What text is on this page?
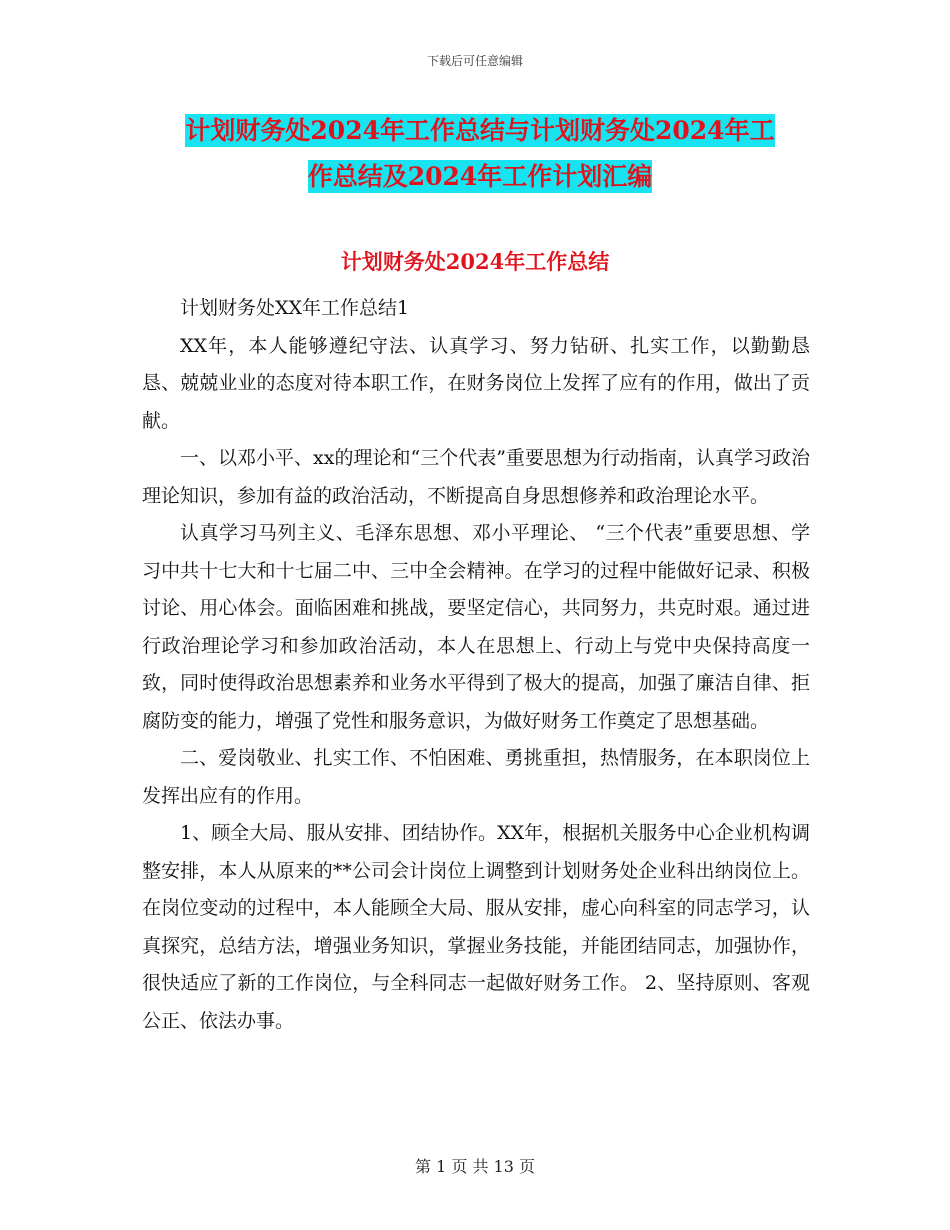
下载后可任意编辑
计划财务处2024年工作总结与计划财务处2024年工
作总结及2024年工作计划汇编
计划财务处2024年工作总结

计划财务处XX年工作总结1

XX年，本人能够遵纪守法、认真学习、努力钻研、扎实工作，以勤勤恳恳、兢兢业业的态度对待本职工作，在财务岗位上发挥了应有的作用，做出了贡献。

一、以邓小平、xx的理论和“三个代表”重要思想为行动指南，认真学习政治理论知识，参加有益的政治活动，不断提高自身思想修养和政治理论水平。

认真学习马列主义、毛泽东思想、邓小平理论、 “三个代表”重要思想、学习中共十七大和十七届二中、三中全会精神。在学习的过程中能做好记录、积极讨论、用心体会。面临困难和挑战，要坚定信心，共同努力，共克时艰。通过进行政治理论学习和参加政治活动，本人在思想上、行动上与党中央保持高度一致，同时使得政治思想素养和业务水平得到了极大的提高，加强了廉洁自律、拒腐防变的能力，增强了党性和服务意识，为做好财务工作奠定了思想基础。

二、爱岗敬业、扎实工作、不怕困难、勇挑重担，热情服务，在本职岗位上发挥出应有的作用。

1、顾全大局、服从安排、团结协作。XX年，根据机关服务中心企业机构调整安排，本人从原来的**公司会计岗位上调整到计划财务处企业科出纳岗位上。在岗位变动的过程中，本人能顾全大局、服从安排，虚心向科室的同志学习，认真探究，总结方法，增强业务知识，掌握业务技能，并能团结同志，加强协作，很快适应了新的工作岗位，与全科同志一起做好财务工作。 2、坚持原则、客观公正、依法办事。

第 1 页 共 13 页
